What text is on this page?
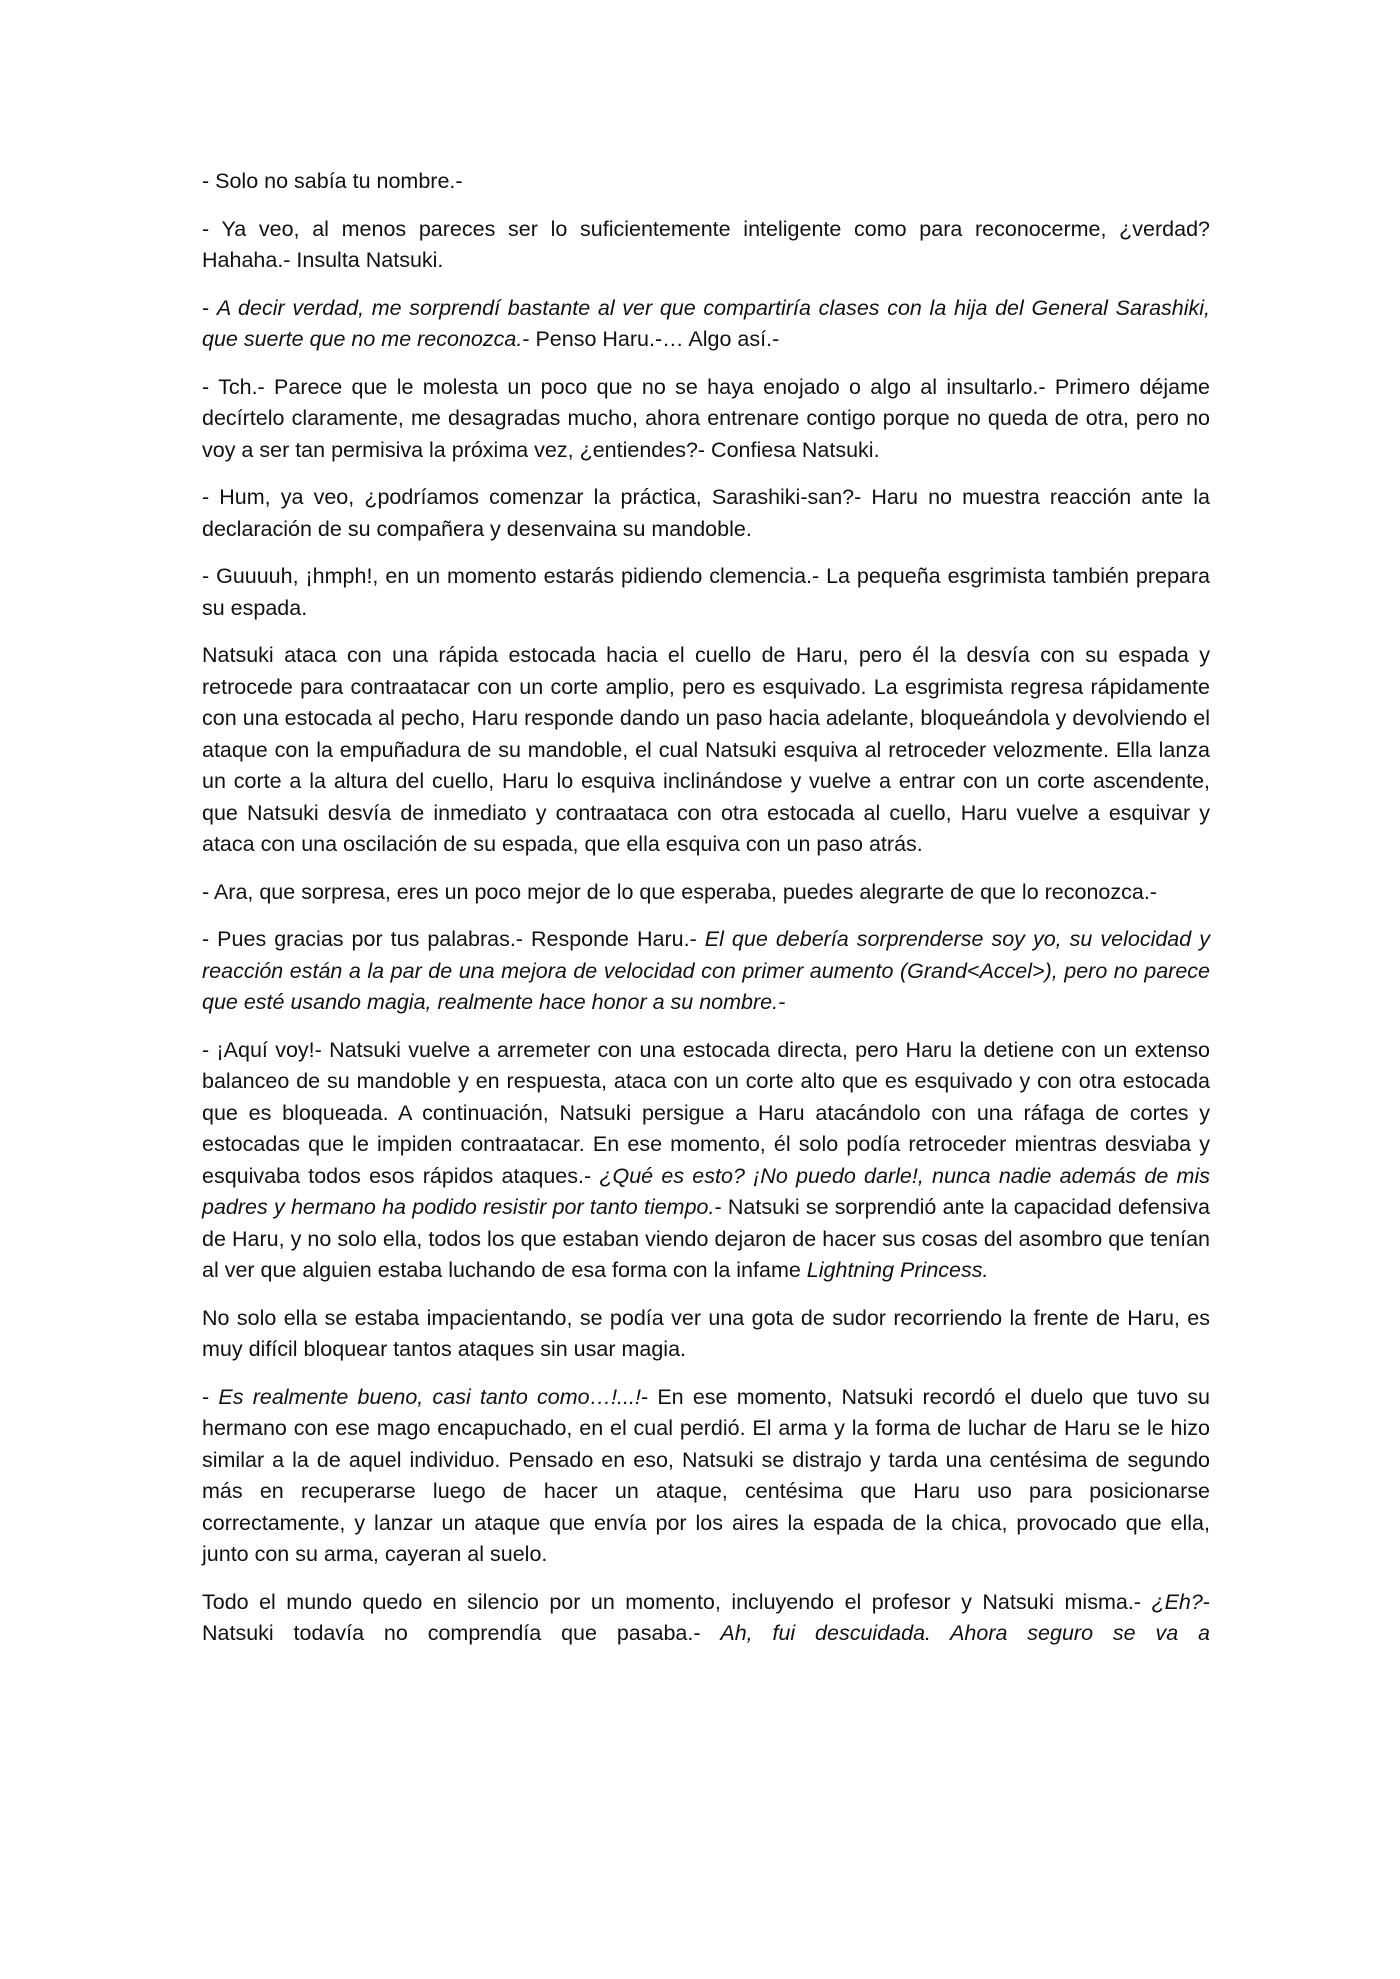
- Solo no sabía tu nombre.-

- Ya veo, al menos pareces ser lo suficientemente inteligente como para reconocerme, ¿verdad? Hahaha.- Insulta Natsuki.

- A decir verdad, me sorprendí bastante al ver que compartiría clases con la hija del General Sarashiki, que suerte que no me reconozca.- Penso Haru.-… Algo así.-

- Tch.- Parece que le molesta un poco que no se haya enojado o algo al insultarlo.- Primero déjame decírtelo claramente, me desagradas mucho, ahora entrenare contigo porque no queda de otra, pero no voy a ser tan permisiva la próxima vez, ¿entiendes?- Confiesa Natsuki.

- Hum, ya veo, ¿podríamos comenzar la práctica, Sarashiki-san?- Haru no muestra reacción ante la declaración de su compañera y desenvaina su mandoble.

- Guuuuh, ¡hmph!, en un momento estarás pidiendo clemencia.- La pequeña esgrimista también prepara su espada.

Natsuki ataca con una rápida estocada hacia el cuello de Haru, pero él la desvía con su espada y retrocede para contraatacar con un corte amplio, pero es esquivado. La esgrimista regresa rápidamente con una estocada al pecho, Haru responde dando un paso hacia adelante, bloqueándola y devolviendo el ataque con la empuñadura de su mandoble, el cual Natsuki esquiva al retroceder velozmente. Ella lanza un corte a la altura del cuello, Haru lo esquiva inclinándose y vuelve a entrar con un corte ascendente, que Natsuki desvía de inmediato y contraataca con otra estocada al cuello, Haru vuelve a esquivar y ataca con una oscilación de su espada, que ella esquiva con un paso atrás.

- Ara, que sorpresa, eres un poco mejor de lo que esperaba, puedes alegrarte de que lo reconozca.-

- Pues gracias por tus palabras.- Responde Haru.- El que debería sorprenderse soy yo, su velocidad y reacción están a la par de una mejora de velocidad con primer aumento (Grand<Accel>), pero no parece que esté usando magia, realmente hace honor a su nombre.-

- ¡Aquí voy!- Natsuki vuelve a arremeter con una estocada directa, pero Haru la detiene con un extenso balanceo de su mandoble y en respuesta, ataca con un corte alto que es esquivado y con otra estocada que es bloqueada. A continuación, Natsuki persigue a Haru atacándolo con una ráfaga de cortes y estocadas que le impiden contraatacar. En ese momento, él solo podía retroceder mientras desviaba y esquivaba todos esos rápidos ataques.- ¿Qué es esto? ¡No puedo darle!, nunca nadie además de mis padres y hermano ha podido resistir por tanto tiempo.- Natsuki se sorprendió ante la capacidad defensiva de Haru, y no solo ella, todos los que estaban viendo dejaron de hacer sus cosas del asombro que tenían al ver que alguien estaba luchando de esa forma con la infame Lightning Princess.

No solo ella se estaba impacientando, se podía ver una gota de sudor recorriendo la frente de Haru, es muy difícil bloquear tantos ataques sin usar magia.

- Es realmente bueno, casi tanto como…!...!- En ese momento, Natsuki recordó el duelo que tuvo su hermano con ese mago encapuchado, en el cual perdió. El arma y la forma de luchar de Haru se le hizo similar a la de aquel individuo. Pensado en eso, Natsuki se distrajo y tarda una centésima de segundo más en recuperarse luego de hacer un ataque, centésima que Haru uso para posicionarse correctamente, y lanzar un ataque que envía por los aires la espada de la chica, provocado que ella, junto con su arma, cayeran al suelo.

Todo el mundo quedo en silencio por un momento, incluyendo el profesor y Natsuki misma.- ¿Eh?- Natsuki todavía no comprendía que pasaba.- Ah, fui descuidada. Ahora seguro se va a
